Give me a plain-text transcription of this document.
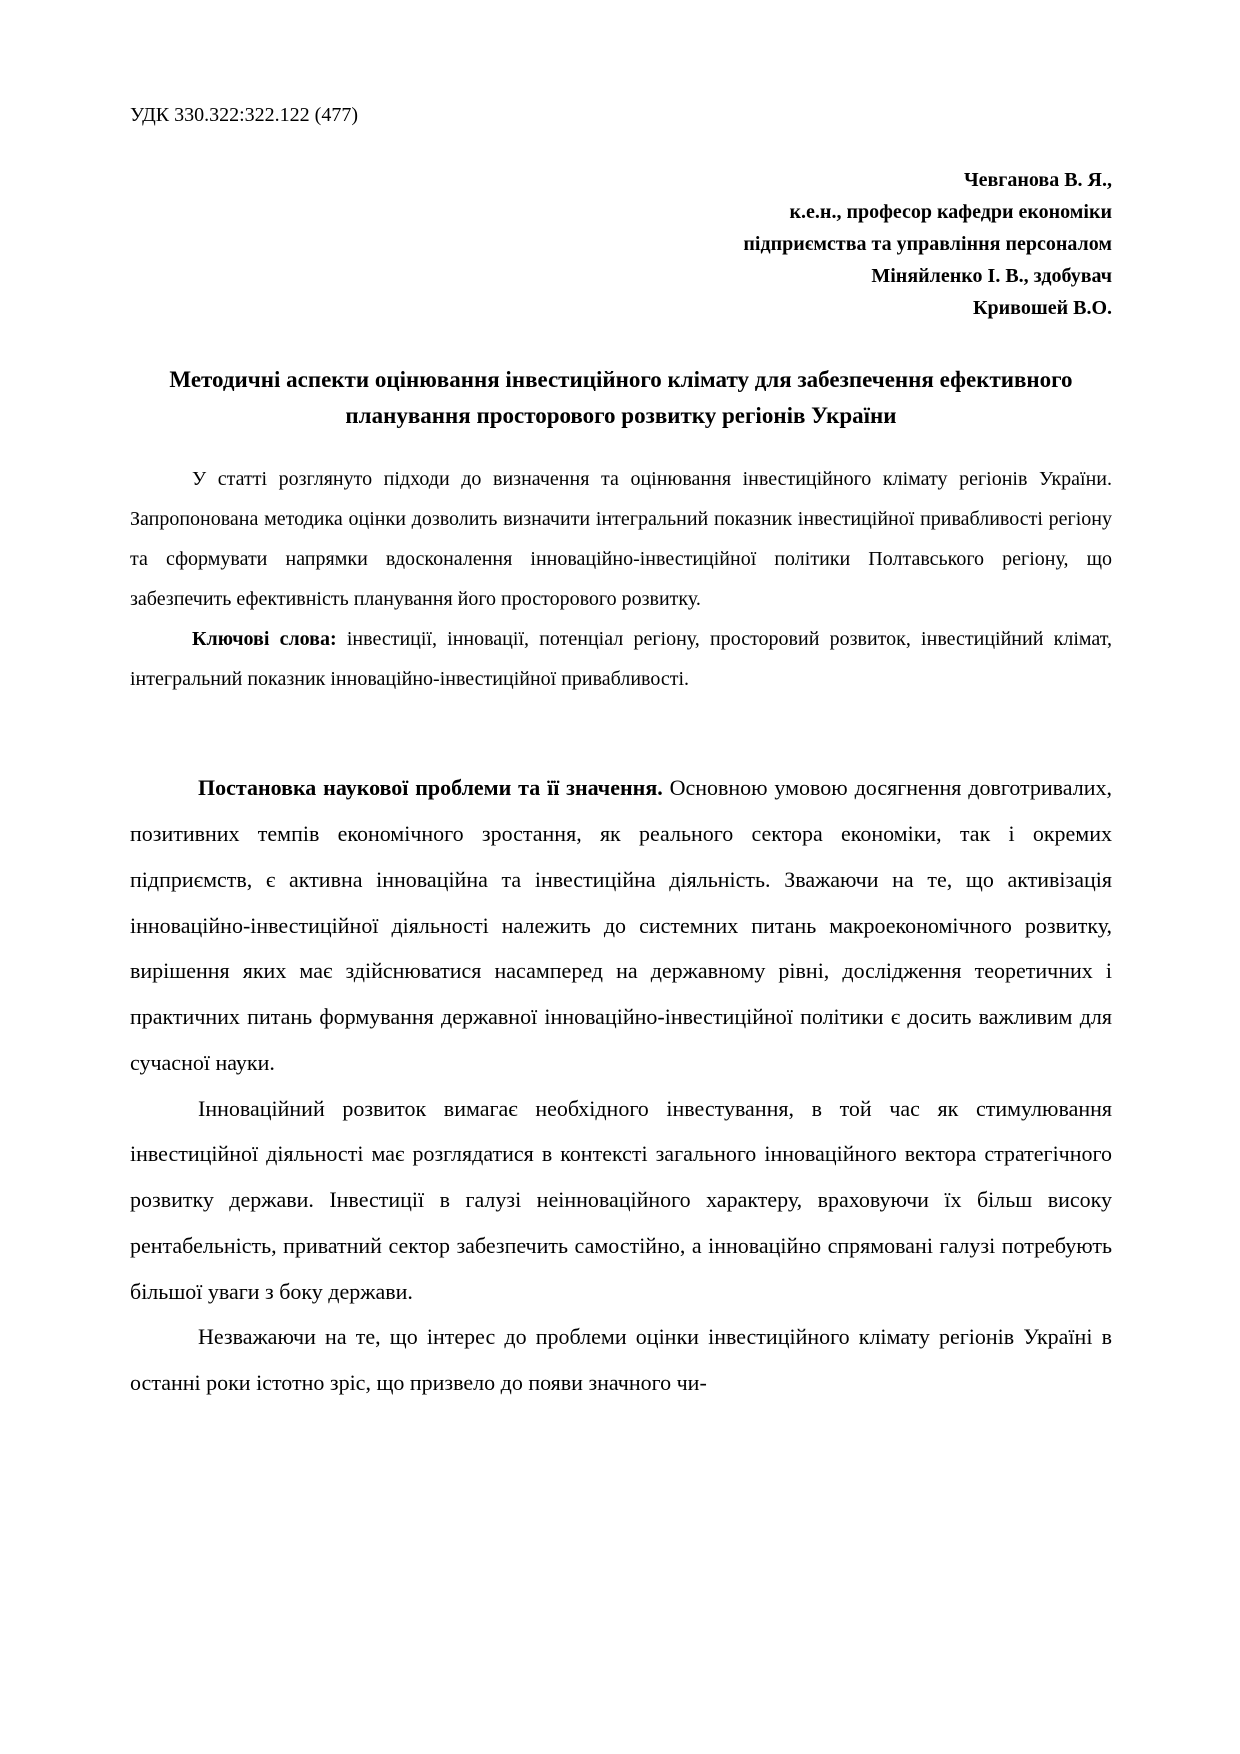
УДК 330.322:322.122 (477)
Чевганова В. Я.,
к.е.н., професор кафедри економіки
підприємства та управління персоналом
Міняйленко І. В., здобувач
Кривошей В.О.
Методичні аспекти оцінювання інвестиційного клімату для забезпечення ефективного планування просторового розвитку регіонів України

У статті розглянуто підходи до визначення та оцінювання інвестиційного клімату регіонів України. Запропонована методика оцінки дозволить визначити інтегральний показник інвестиційної привабливості регіону та сформувати напрямки вдосконалення інноваційно-інвестиційної політики Полтавського регіону, що забезпечить ефективність планування його просторового розвитку.

Ключові слова: інвестиції, інновації, потенціал регіону, просторовий розвиток, інвестиційний клімат, інтегральний показник інноваційно-інвестиційної привабливості.

Постановка наукової проблеми та її значення. Основною умовою досягнення довготривалих, позитивних темпів економічного зростання, як реального сектора економіки, так і окремих підприємств, є активна інноваційна та інвестиційна діяльність. Зважаючи на те, що активізація інноваційно-інвестиційної діяльності належить до системних питань макроекономічного розвитку, вирішення яких має здійснюватися насамперед на державному рівні, дослідження теоретичних і практичних питань формування державної інноваційно-інвестиційної політики є досить важливим для сучасної науки.

Інноваційний розвиток вимагає необхідного інвестування, в той час як стимулювання інвестиційної діяльності має розглядатися в контексті загального інноваційного вектора стратегічного розвитку держави. Інвестиції в галузі неінноваційного характеру, враховуючи їх більш високу рентабельність, приватний сектор забезпечить самостійно, а інноваційно спрямовані галузі потребують більшої уваги з боку держави.

Незважаючи на те, що інтерес до проблеми оцінки інвестиційного клімату регіонів Україні в останні роки істотно зріс, що призвело до появи значного чи-
